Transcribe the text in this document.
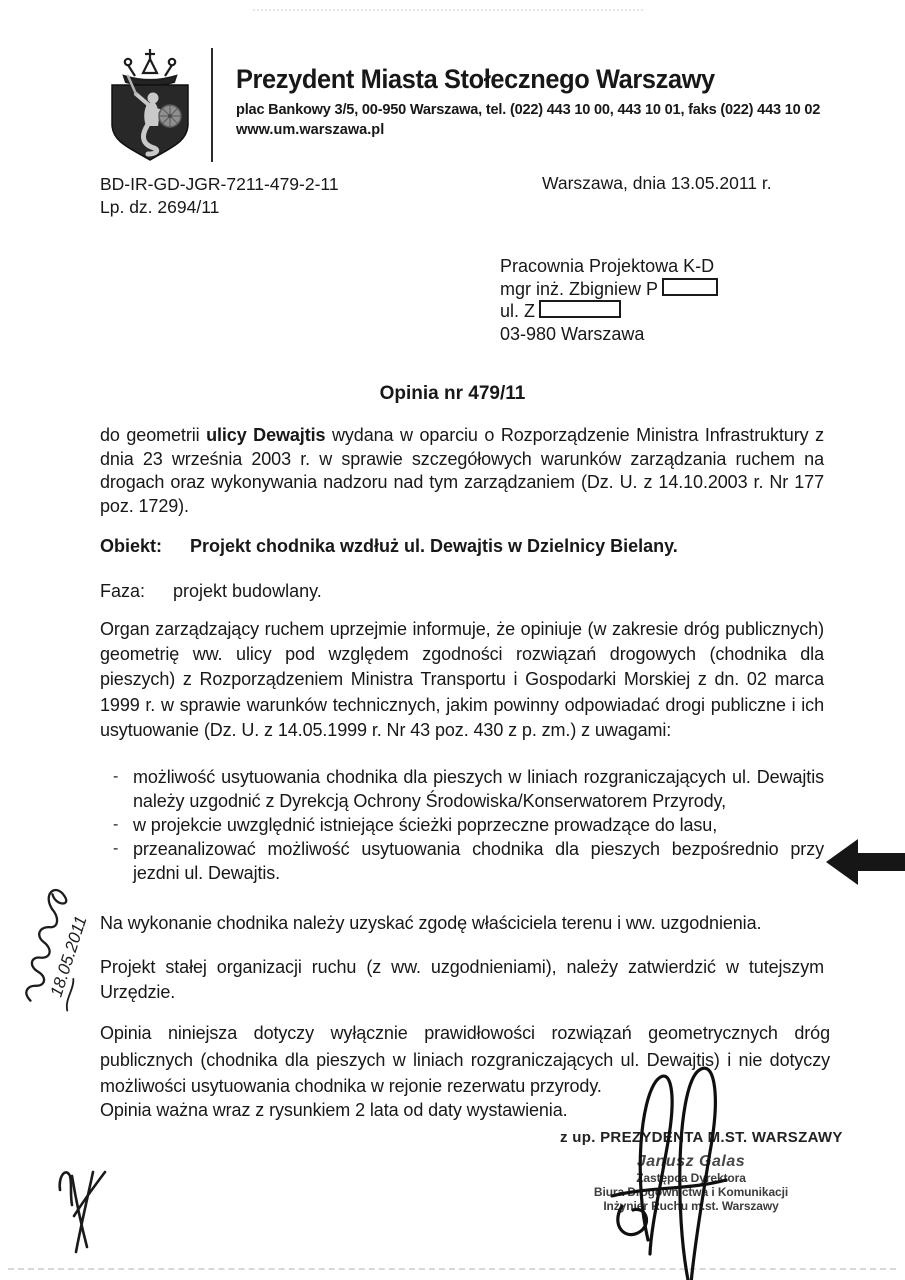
Prezydent Miasta Stołecznego Warszawy
plac Bankowy 3/5, 00-950 Warszawa, tel. (022) 443 10 00, 443 10 01, faks (022) 443 10 02
www.um.warszawa.pl
BD-IR-GD-JGR-7211-479-2-11
Lp. dz. 2694/11
Warszawa, dnia 13.05.2011 r.
Pracownia Projektowa K-D
mgr inż. Zbigniew P
ul. Z
03-980 Warszawa
Opinia nr 479/11
do geometrii ulicy Dewajtis wydana w oparciu o Rozporządzenie Ministra Infrastruktury z dnia 23 września 2003 r. w sprawie szczegółowych warunków zarządzania ruchem na drogach oraz wykonywania nadzoru nad tym zarządzaniem (Dz. U. z 14.10.2003 r. Nr 177 poz. 1729).
Obiekt: Projekt chodnika wzdłuż ul. Dewajtis w Dzielnicy Bielany.
Faza: projekt budowlany.
Organ zarządzający ruchem uprzejmie informuje, że opiniuje (w zakresie dróg publicznych) geometrię ww. ulicy pod względem zgodności rozwiązań drogowych (chodnika dla pieszych) z Rozporządzeniem Ministra Transportu i Gospodarki Morskiej z dn. 02 marca 1999 r. w sprawie warunków technicznych, jakim powinny odpowiadać drogi publiczne i ich usytuowanie (Dz. U. z 14.05.1999 r. Nr 43 poz. 430 z p. zm.) z uwagami:
- możliwość usytuowania chodnika dla pieszych w liniach rozgraniczających ul. Dewajtis należy uzgodnić z Dyrekcją Ochrony Środowiska/Konserwatorem Przyrody,
- w projekcie uwzględnić istniejące ścieżki poprzeczne prowadzące do lasu,
- przeanalizować możliwość usytuowania chodnika dla pieszych bezpośrednio przy jezdni ul. Dewajtis.
Na wykonanie chodnika należy uzyskać zgodę właściciela terenu i ww. uzgodnienia.
Projekt stałej organizacji ruchu (z ww. uzgodnieniami), należy zatwierdzić w tutejszym Urzędzie.
Opinia niniejsza dotyczy wyłącznie prawidłowości rozwiązań geometrycznych dróg publicznych (chodnika dla pieszych w liniach rozgraniczających ul. Dewajtis) i nie dotyczy możliwości usytuowania chodnika w rejonie rezerwatu przyrody.
Opinia ważna wraz z rysunkiem 2 lata od daty wystawienia.
z up. PREZYDENTA M.ST. WARSZAWY
Janusz Galas
Zastępca Dyrektora
Biura Drogownictwa i Komunikacji
Inżynier Ruchu m.st. Warszawy
18.05.2011
